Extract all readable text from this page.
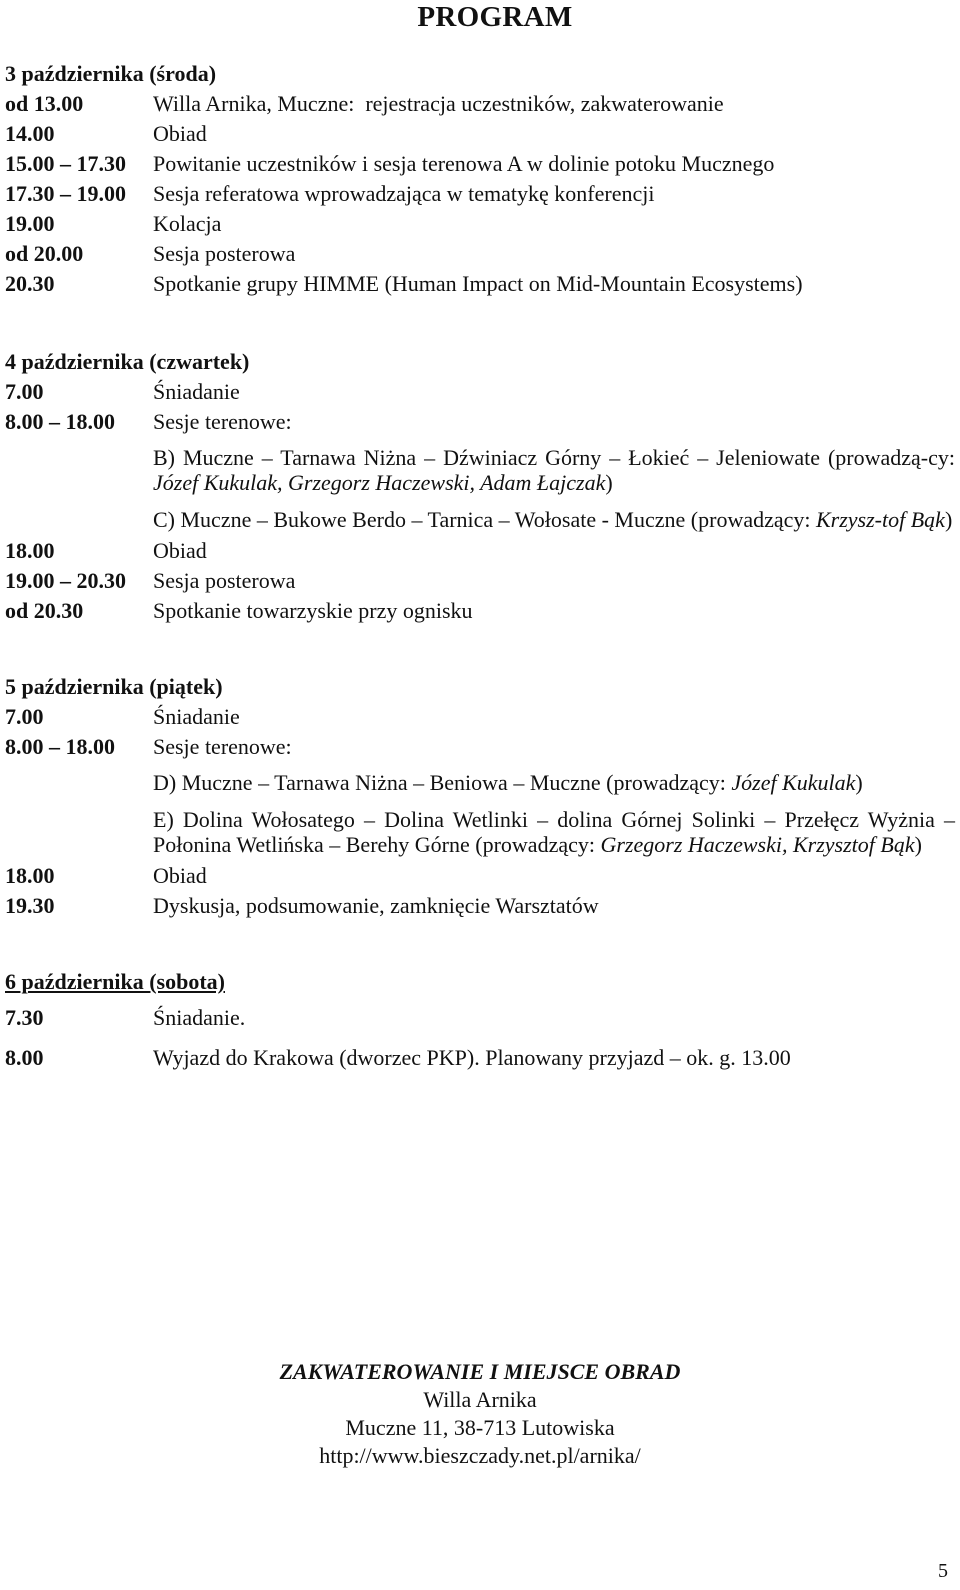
PROGRAM
3 października (środa)
od 13.00	Willa Arnika, Muczne:  rejestracja uczestników, zakwaterowanie
14.00	Obiad
15.00 – 17.30	Powitanie uczestników i sesja terenowa A w dolinie potoku Mucznego
17.30 – 19.00	Sesja referatowa wprowadzająca w tematykę konferencji
19.00	Kolacja
od 20.00	Sesja posterowa
20.30	Spotkanie grupy HIMME (Human Impact on Mid-Mountain Ecosystems)
4 października (czwartek)
7.00	Śniadanie
8.00 – 18.00	Sesje terenowe:
B) Muczne – Tarnawa Niżna – Dźwiniacz Górny – Łokieć – Jeleniowate (prowadzą-cy: Józef Kukulak, Grzegorz Haczewski, Adam Łajczak)
C) Muczne – Bukowe Berdo – Tarnica – Wołosate - Muczne (prowadzący: Krzysz-tof Bąk)
18.00	Obiad
19.00 – 20.30	Sesja posterowa
od 20.30	Spotkanie towarzyskie przy ognisku
5 października (piątek)
7.00	Śniadanie
8.00 – 18.00	Sesje terenowe:
D) Muczne – Tarnawa Niżna – Beniowa – Muczne (prowadzący: Józef Kukulak)
E) Dolina Wołosatego – Dolina Wetlinki – dolina Górnej Solinki – Przełęcz Wyżnia – Połonina Wetlińska – Berehy Górne (prowadzący: Grzegorz Haczewski, Krzysztof Bąk)
18.00	Obiad
19.30	Dyskusja, podsumowanie, zamknięcie Warsztatów
6 października (sobota)
7.30	Śniadanie.
8.00	Wyjazd do Krakowa (dworzec PKP). Planowany przyjazd – ok. g. 13.00
ZAKWATEROWANIE I MIEJSCE OBRAD
Willa Arnika
Muczne 11, 38-713 Lutowiska
http://www.bieszczady.net.pl/arnika/
5
